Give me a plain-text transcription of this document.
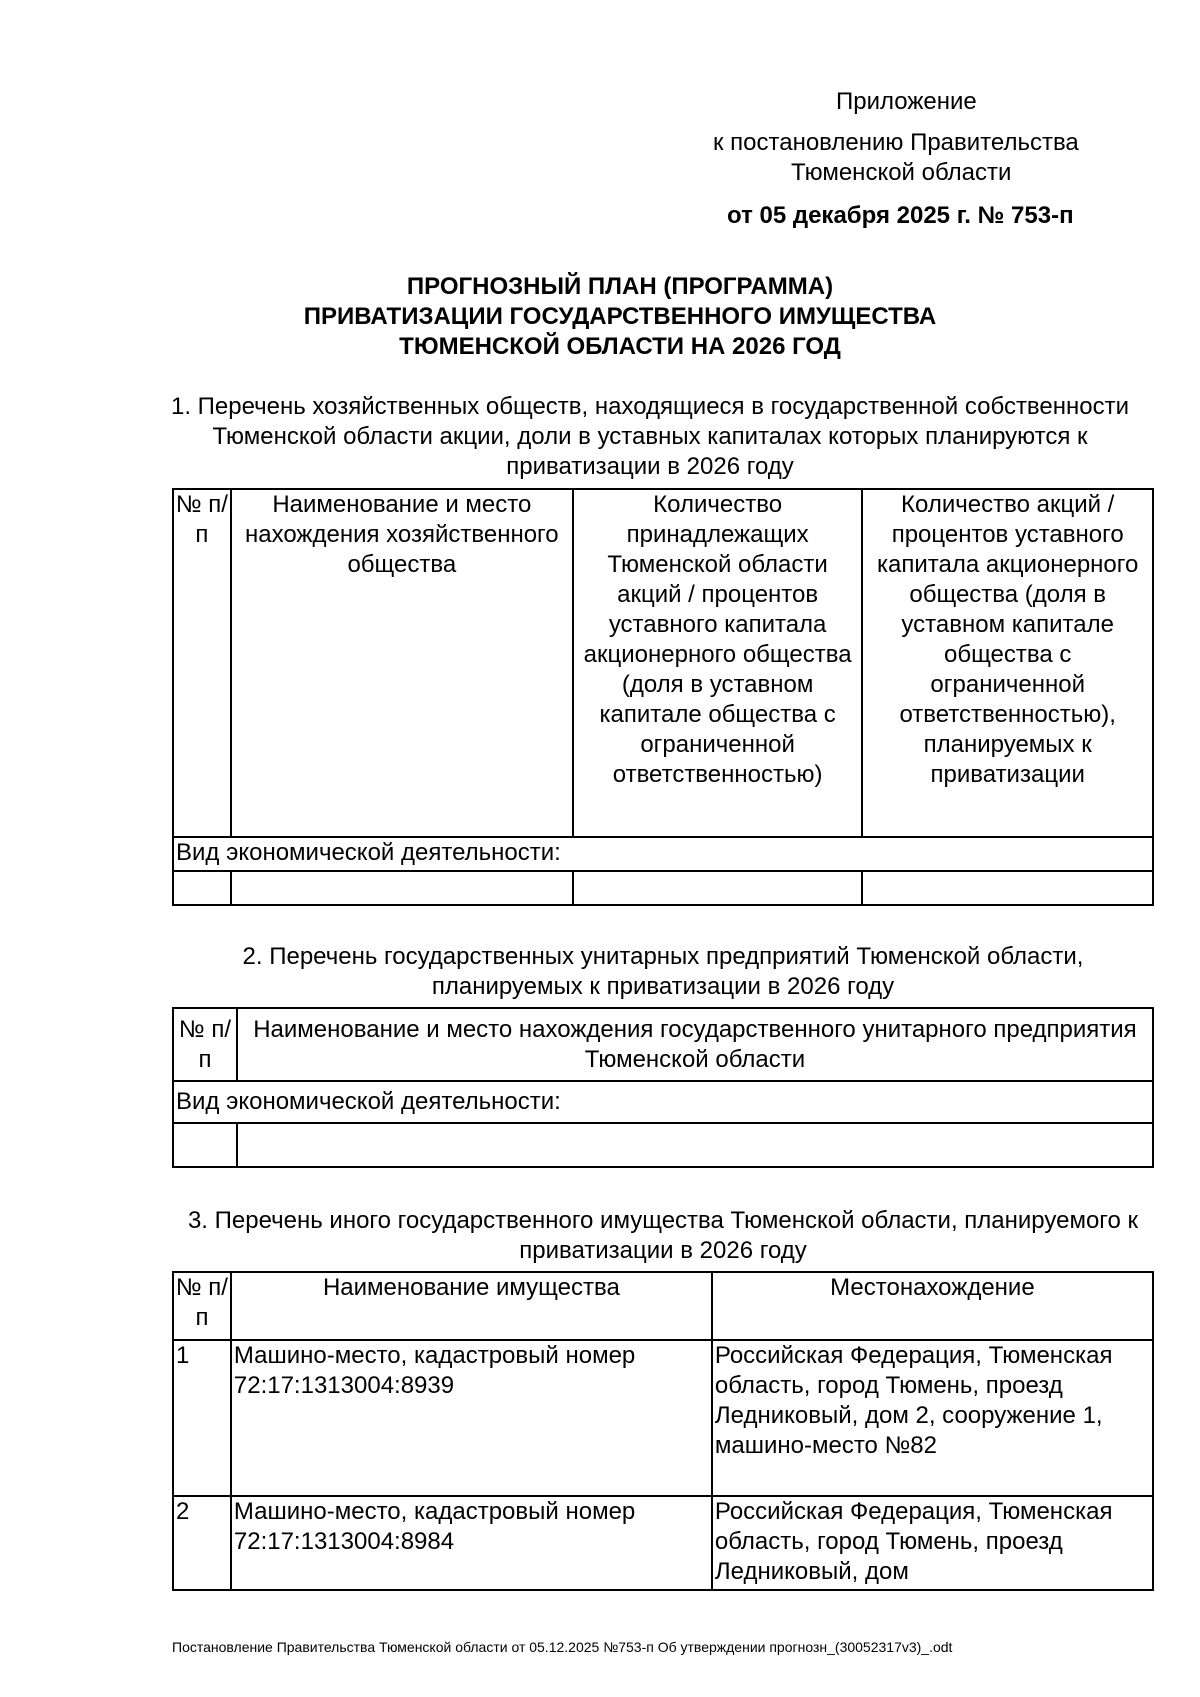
Приложение
к постановлению Правительства
Тюменской области
от 05 декабря 2025 г. № 753-п
ПРОГНОЗНЫЙ ПЛАН (ПРОГРАММА)
ПРИВАТИЗАЦИИ ГОСУДАРСТВЕННОГО ИМУЩЕСТВА
ТЮМЕНСКОЙ ОБЛАСТИ НА 2026 ГОД
1. Перечень хозяйственных обществ, находящиеся в государственной собственности Тюменской области акции, доли в уставных капиталах которых планируются к приватизации в 2026 году
№ п/п	Наименование и место нахождения хозяйственного общества	Количество принадлежащих Тюменской области акций / процентов уставного капитала акционерного общества (доля в уставном капитале общества с ограниченной ответственностью)	Количество акций / процентов уставного капитала акционерного общества (доля в уставном капитале общества с ограниченной ответственностью), планируемых к приватизации
Вид экономической деятельности:			

2. Перечень государственных унитарных предприятий Тюменской области, планируемых к приватизации в 2026 году
№ п/п	Наименование и место нахождения государственного унитарного предприятия Тюменской области
Вид экономической деятельности:	

3. Перечень иного государственного имущества Тюменской области, планируемого к приватизации в 2026 году
№ п/п	Наименование имущества	Местонахождение
1	Машино-место, кадастровый номер 72:17:1313004:8939	Российская Федерация, Тюменская область, город Тюмень, проезд Ледниковый, дом 2, сооружение 1, машино-место №82
2	Машино-место, кадастровый номер 72:17:1313004:8984	Российская Федерация, Тюменская область, город Тюмень, проезд Ледниковый, дом
Постановление Правительства Тюменской области от 05.12.2025 №753-п Об утверждении прогнозн_(30052317v3)_.odt
